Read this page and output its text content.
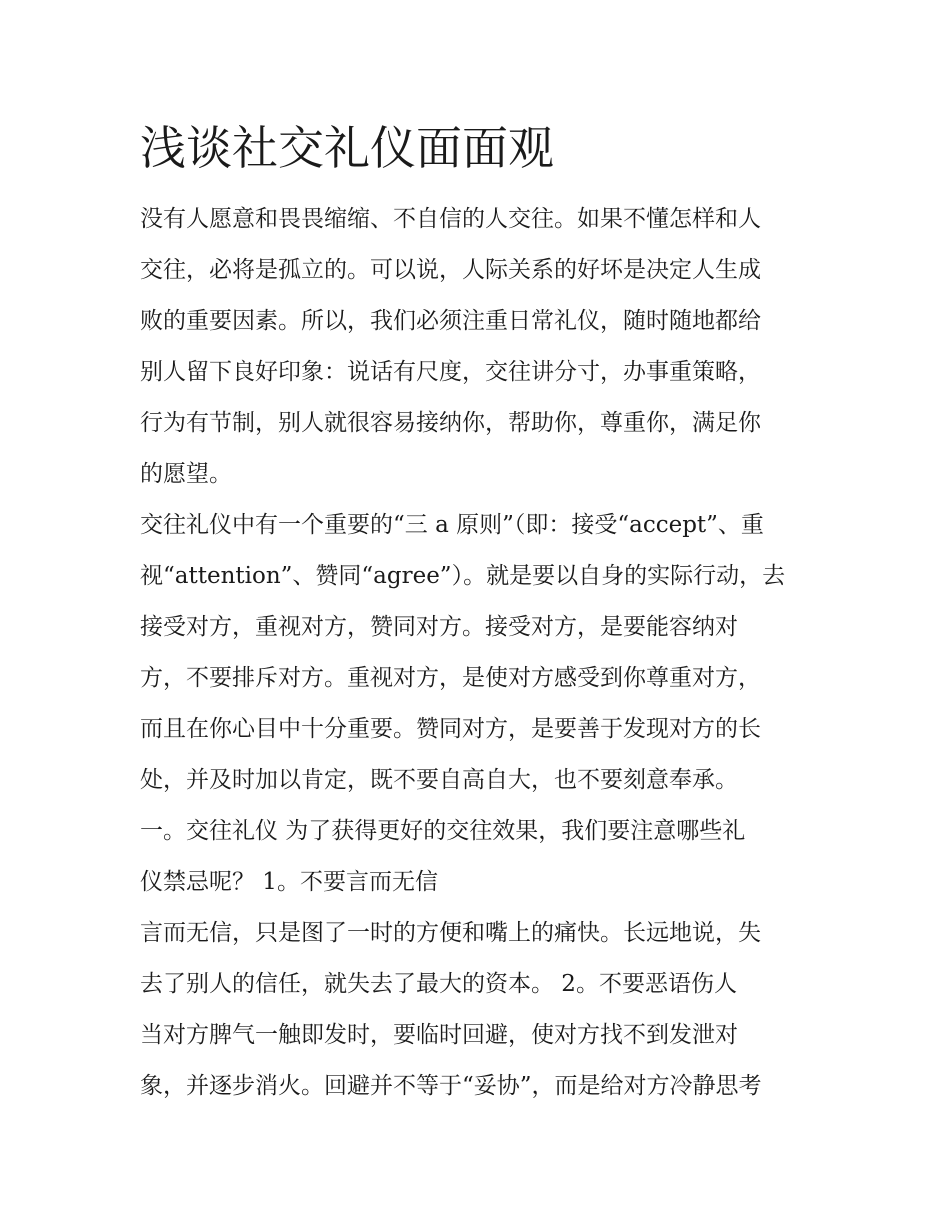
浅谈社交礼仪面面观

没有人愿意和畏畏缩缩、不自信的人交往。如果不懂怎样和人

交往，必将是孤立的。可以说，人际关系的好坏是决定人生成

败的重要因素。所以，我们必须注重日常礼仪，随时随地都给

别人留下良好印象：说话有尺度，交往讲分寸，办事重策略，

行为有节制，别人就很容易接纳你，帮助你，尊重你，满足你

的愿望。

交往礼仪中有一个重要的“三 a 原则”（即：接受“accept”、重

视“attention”、赞同“agree”）。就是要以自身的实际行动，去

接受对方，重视对方，赞同对方。接受对方，是要能容纳对

方，不要排斥对方。重视对方，是使对方感受到你尊重对方，

而且在你心目中十分重要。赞同对方，是要善于发现对方的长

处，并及时加以肯定，既不要自高自大，也不要刻意奉承。

一。交往礼仪 为了获得更好的交往效果，我们要注意哪些礼

仪禁忌呢？ 1。不要言而无信

言而无信，只是图了一时的方便和嘴上的痛快。长远地说，失

去了别人的信任，就失去了最大的资本。 2。不要恶语伤人

当对方脾气一触即发时，要临时回避，使对方找不到发泄对

象，并逐步消火。回避并不等于“妥协”，而是给对方冷静思考
